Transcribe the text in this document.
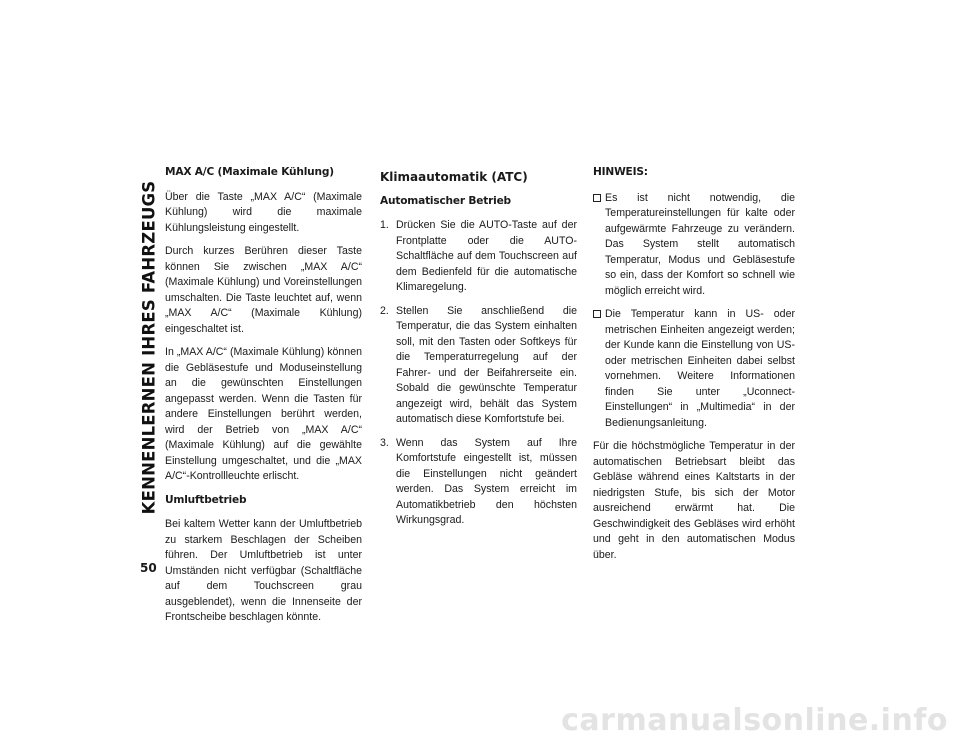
KENNENLERNEN IHRES FAHRZEUGS
50
MAX A/C (Maximale Kühlung)

Über die Taste „MAX A/C“ (Maximale Kühlung) wird die maximale Kühlungsleistung eingestellt.

Durch kurzes Berühren dieser Taste können Sie zwischen „MAX A/C“ (Maximale Kühlung) und Voreinstellungen umschalten. Die Taste leuchtet auf, wenn „MAX A/C“ (Maximale Kühlung) eingeschaltet ist.

In „MAX A/C“ (Maximale Kühlung) können die Gebläsestufe und Moduseinstellung an die gewünschten Einstellungen angepasst werden. Wenn die Tasten für andere Einstellungen berührt werden, wird der Betrieb von „MAX A/C“ (Maximale Kühlung) auf die gewählte Einstellung umgeschaltet, und die „MAX A/C“-Kontrollleuchte erlischt.

Umluftbetrieb

Bei kaltem Wetter kann der Umluftbetrieb zu starkem Beschlagen der Scheiben führen. Der Umluftbetrieb ist unter Umständen nicht verfügbar (Schaltfläche auf dem Touchscreen grau ausgeblendet), wenn die Innenseite der Frontscheibe beschlagen könnte.

Klimaautomatik (ATC)
Automatischer Betrieb
1. Drücken Sie die AUTO-Taste auf der Frontplatte oder die AUTO-Schaltfläche auf dem Touchscreen auf dem Bedienfeld für die automatische Klimaregelung.
2. Stellen Sie anschließend die Temperatur, die das System einhalten soll, mit den Tasten oder Softkeys für die Temperaturregelung auf der Fahrer- und der Beifahrerseite ein. Sobald die gewünschte Temperatur angezeigt wird, behält das System automatisch diese Komfortstufe bei.
3. Wenn das System auf Ihre Komfortstufe eingestellt ist, müssen die Einstellungen nicht geändert werden. Das System erreicht im Automatikbetrieb den höchsten Wirkungsgrad.
HINWEIS:
Es ist nicht notwendig, die Temperatureinstellungen für kalte oder aufgewärmte Fahrzeuge zu verändern. Das System stellt automatisch Temperatur, Modus und Gebläsestufe so ein, dass der Komfort so schnell wie möglich erreicht wird.
Die Temperatur kann in US- oder metrischen Einheiten angezeigt werden; der Kunde kann die Einstellung von US- oder metrischen Einheiten dabei selbst vornehmen. Weitere Informationen finden Sie unter „Uconnect-Einstellungen“ in „Multimedia“ in der Bedienungsanleitung.

Für die höchstmögliche Temperatur in der automatischen Betriebsart bleibt das Gebläse während eines Kaltstarts in der niedrigsten Stufe, bis sich der Motor ausreichend erwärmt hat. Die Geschwindigkeit des Gebläses wird erhöht und geht in den automatischen Modus über.

carmanualsonline.info
